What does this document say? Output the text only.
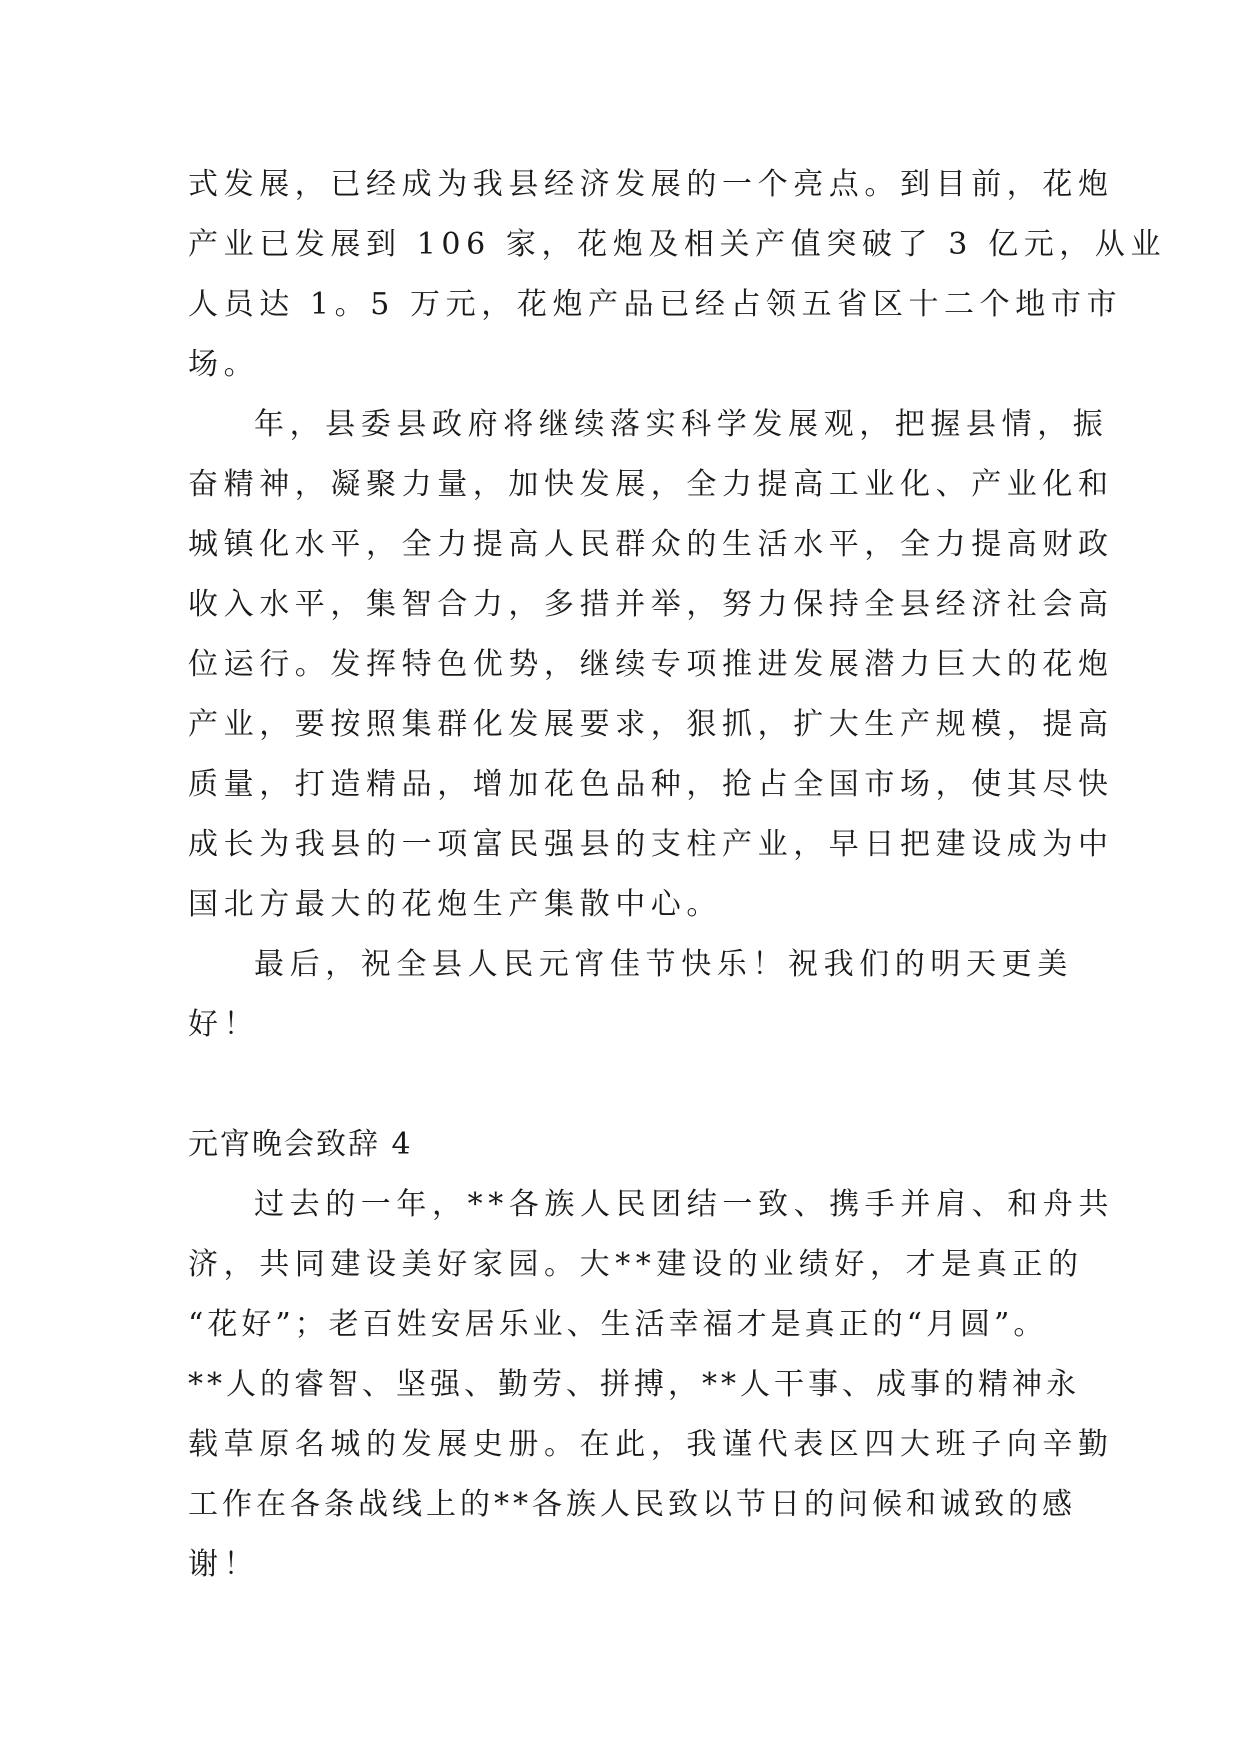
式发展，已经成为我县经济发展的一个亮点。到目前，花炮
产业已发展到 106 家，花炮及相关产值突破了 3 亿元，从业
人员达 1。5 万元，花炮产品已经占领五省区十二个地市市
场。
年，县委县政府将继续落实科学发展观，把握县情，振
奋精神，凝聚力量，加快发展，全力提高工业化、产业化和
城镇化水平，全力提高人民群众的生活水平，全力提高财政
收入水平，集智合力，多措并举，努力保持全县经济社会高
位运行。发挥特色优势，继续专项推进发展潜力巨大的花炮
产业，要按照集群化发展要求，狠抓，扩大生产规模，提高
质量，打造精品，增加花色品种，抢占全国市场，使其尽快
成长为我县的一项富民强县的支柱产业，早日把建设成为中
国北方最大的花炮生产集散中心。
最后，祝全县人民元宵佳节快乐！祝我们的明天更美
好！
元宵晚会致辞 4
过去的一年，**各族人民团结一致、携手并肩、和舟共
济，共同建设美好家园。大**建设的业绩好，才是真正的
“花好”；老百姓安居乐业、生活幸福才是真正的“月圆”。
**人的睿智、坚强、勤劳、拼搏，**人干事、成事的精神永
载草原名城的发展史册。在此，我谨代表区四大班子向辛勤
工作在各条战线上的**各族人民致以节日的问候和诚致的感
谢！
